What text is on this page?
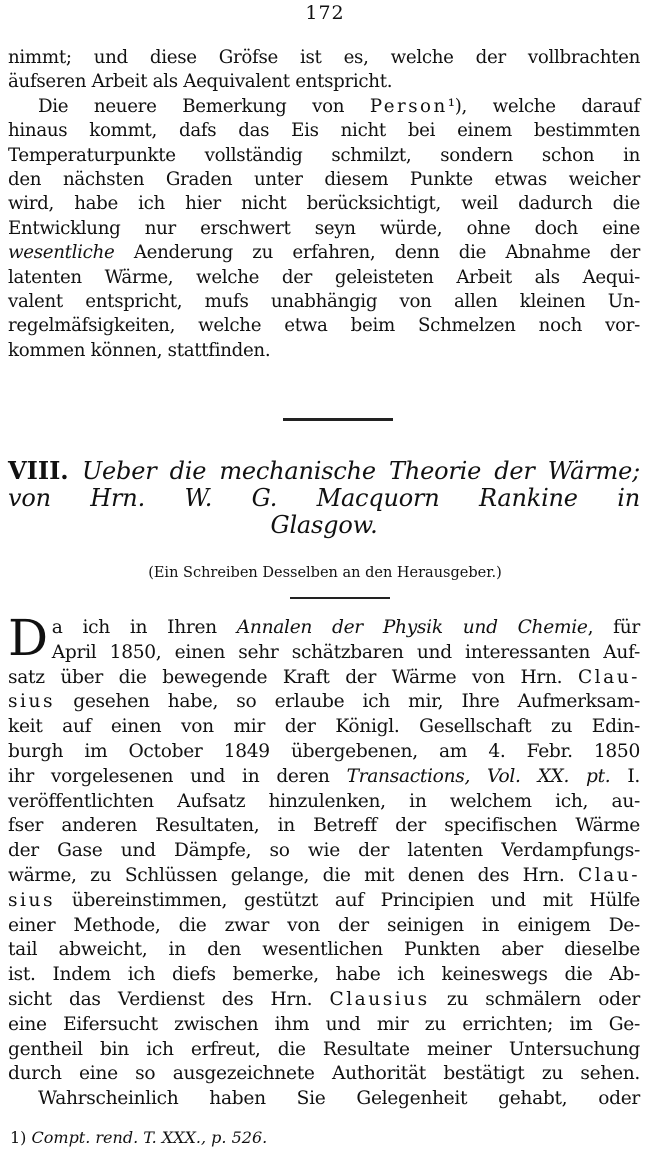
172
nimmt; und diese Gröfse ist es, welche der vollbrachten
äufseren Arbeit als Aequivalent entspricht.
Die neuere Bemerkung von Person¹), welche darauf
hinaus kommt, dafs das Eis nicht bei einem bestimmten
Temperaturpunkte vollständig schmilzt, sondern schon in
den nächsten Graden unter diesem Punkte etwas weicher
wird, habe ich hier nicht berücksichtigt, weil dadurch die
Entwicklung nur erschwert seyn würde, ohne doch eine
wesentliche Aenderung zu erfahren, denn die Abnahme der
latenten Wärme, welche der geleisteten Arbeit als Aequi-
valent entspricht, mufs unabhängig von allen kleinen Un-
regelmäfsigkeiten, welche etwa beim Schmelzen noch vor-
kommen können, stattfinden.
VIII. Ueber die mechanische Theorie der Wärme;
von Hrn. W. G. Macquorn Rankine in
Glasgow.
(Ein Schreiben Desselben an den Herausgeber.)
Da ich in Ihren Annalen der Physik und Chemie, für
April 1850, einen sehr schätzbaren und interessanten Auf-
satz über die bewegende Kraft der Wärme von Hrn. Clau-
sius gesehen habe, so erlaube ich mir, Ihre Aufmerksam-
keit auf einen von mir der Königl. Gesellschaft zu Edin-
burgh im October 1849 übergebenen, am 4. Febr. 1850
ihr vorgelesenen und in deren Transactions, Vol. XX. pt. I.
veröffentlichten Aufsatz hinzulenken, in welchem ich, au-
fser anderen Resultaten, in Betreff der specifischen Wärme
der Gase und Dämpfe, so wie der latenten Verdampfungs-
wärme, zu Schlüssen gelange, die mit denen des Hrn. Clau-
sius übereinstimmen, gestützt auf Principien und mit Hülfe
einer Methode, die zwar von der seinigen in einigem De-
tail abweicht, in den wesentlichen Punkten aber dieselbe
ist. Indem ich diefs bemerke, habe ich keineswegs die Ab-
sicht das Verdienst des Hrn. Clausius zu schmälern oder
eine Eifersucht zwischen ihm und mir zu errichten; im Ge-
gentheil bin ich erfreut, die Resultate meiner Untersuchung
durch eine so ausgezeichnete Authorität bestätigt zu sehen.
Wahrscheinlich haben Sie Gelegenheit gehabt, oder
1) Compt. rend. T. XXX., p. 526.
